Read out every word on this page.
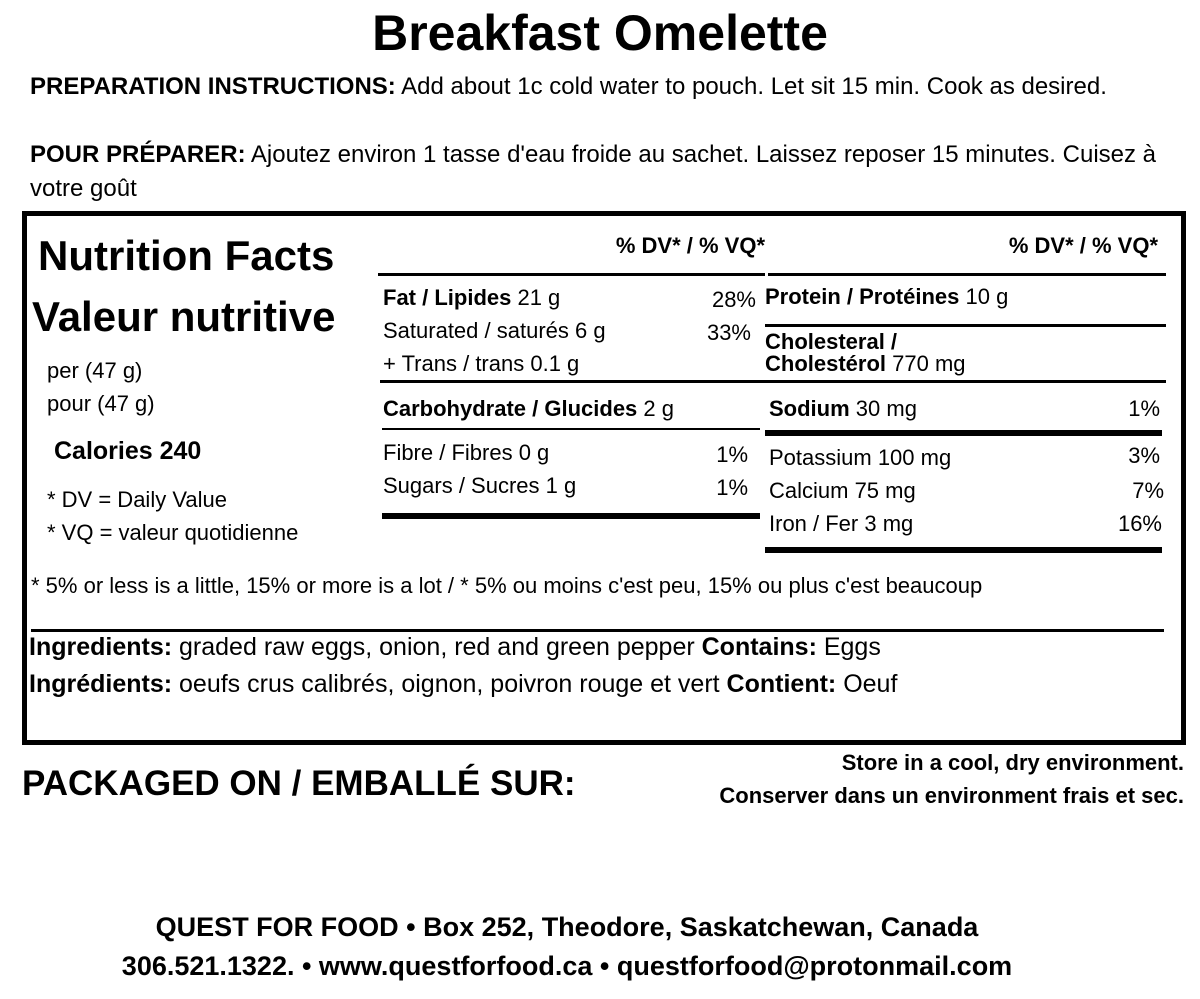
Breakfast Omelette
PREPARATION INSTRUCTIONS: Add about 1c cold water to pouch. Let sit 15 min. Cook as desired.
POUR PRÉPARER: Ajoutez environ 1 tasse d'eau froide au sachet. Laissez reposer 15 minutes. Cuisez à votre goût
Nutrition Facts
Valeur nutritive
per (47 g)
pour (47 g)
Calories 240
* DV = Daily Value
* VQ = valeur quotidienne
% DV* / % VQ*
Fat / Lipides 21 g	28%
Saturated / saturés 6 g	33%
+ Trans / trans 0.1 g
Carbohydrate / Glucides 2 g
Fibre / Fibres 0 g	1%
Sugars / Sucres 1 g	1%
% DV* / % VQ*
Protein / Protéines 10 g
Cholesteral /
Cholestérol 770 mg
Sodium 30 mg	1%
Potassium 100 mg	3%
Calcium 75 mg	7%
Iron / Fer 3 mg	16%
* 5% or less is a little, 15% or more is a lot / * 5% ou moins c'est peu, 15% ou plus c'est beaucoup
Ingredients: graded raw eggs, onion, red and green pepper Contains: Eggs
Ingrédients: oeufs crus calibrés, oignon, poivron rouge et vert Contient: Oeuf
PACKAGED ON / EMBALLÉ SUR:
Store in a cool, dry environment.
Conserver dans un environment frais et sec.
QUEST FOR FOOD • Box 252, Theodore, Saskatchewan, Canada
306.521.1322. • www.questforfood.ca • questforfood@protonmail.com
